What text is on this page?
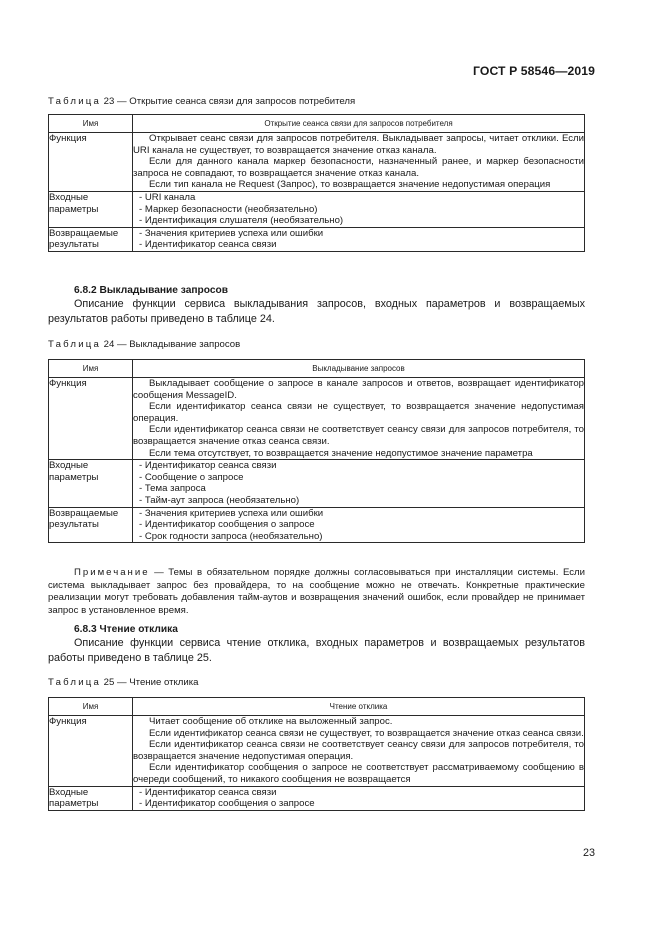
ГОСТ Р 58546—2019
Таблица 23 — Открытие сеанса связи для запросов потребителя
Имя	Открытие сеанса связи для запросов потребителя
Функция	Открывает сеанс связи для запросов потребителя. Выкладывает запросы, читает отклики. Если URI канала не существует, то возвращается значение отказ канала.

Если для данного канала маркер безопасности, назначенный ранее, и маркер безопасности запроса не совпадают, то возвращается значение отказ канала.

Если тип канала не Request (Запрос), то возвращается значение недопустимая операция

Входные параметры	- URI канала

- Маркер безопасности (необязательно)

- Идентификация слушателя (необязательно)

Возвращаемые результаты	- Значения критериев успеха или ошибки

- Идентификатор сеанса связи

6.8.2 Выкладывание запросов

Описание функции сервиса выкладывания запросов, входных параметров и возвращаемых результатов работы приведено в таблице 24.

Таблица 24 — Выкладывание запросов
Имя	Выкладывание запросов
Функция	Выкладывает сообщение о запросе в канале запросов и ответов, возвращает идентификатор сообщения MessageID.

Если идентификатор сеанса связи не существует, то возвращается значение недопустимая операция.

Если идентификатор сеанса связи не соответствует сеансу связи для запросов потребителя, то возвращается значение отказ сеанса связи.

Если тема отсутствует, то возвращается значение недопустимое значение параметра

Входные параметры	- Идентификатор сеанса связи

- Сообщение о запросе

- Тема запроса

- Тайм-аут запроса (необязательно)

Возвращаемые результаты	- Значения критериев успеха или ошибки

- Идентификатор сообщения о запросе

- Срок годности запроса (необязательно)

Примечание — Темы в обязательном порядке должны согласовываться при инсталляции системы. Если система выкладывает запрос без провайдера, то на сообщение можно не отвечать. Конкретные практические реализации могут требовать добавления тайм-аутов и возвращения значений ошибок, если провайдер не принимает запрос в установленное время.

6.8.3 Чтение отклика

Описание функции сервиса чтение отклика, входных параметров и возвращаемых результатов работы приведено в таблице 25.

Таблица 25 — Чтение отклика
Имя	Чтение отклика
Функция	Читает сообщение об отклике на выложенный запрос.

Если идентификатор сеанса связи не существует, то возвращается значение отказ сеанса связи.

Если идентификатор сеанса связи не соответствует сеансу связи для запросов потребителя, то возвращается значение недопустимая операция.

Если идентификатор сообщения о запросе не соответствует рассматриваемому сообщению в очереди сообщений, то никакого сообщения не возвращается

Входные параметры	- Идентификатор сеанса связи

- Идентификатор сообщения о запросе

23
